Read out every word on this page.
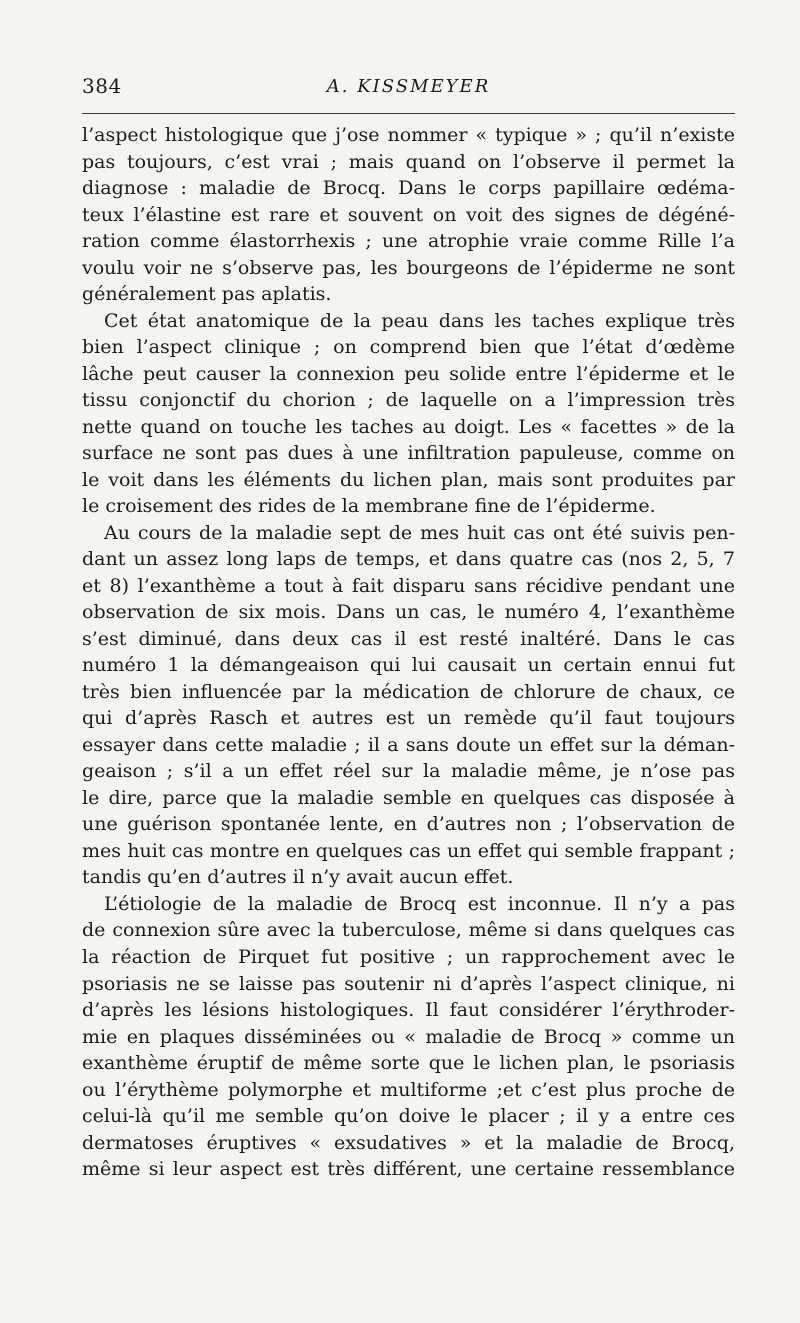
384	A. KISSMEYER
l’aspect histologique que j’ose nommer « typique » ; qu’il n’existe
pas toujours, c’est vrai ; mais quand on l’observe il permet la
diagnose : maladie de Brocq. Dans le corps papillaire œdéma-
teux l’élastine est rare et souvent on voit des signes de dégéné-
ration comme élastorrhexis ; une atrophie vraie comme Rille l’a
voulu voir ne s’observe pas, les bourgeons de l’épiderme ne sont
généralement pas aplatis.
Cet état anatomique de la peau dans les taches explique très
bien l’aspect clinique ; on comprend bien que l’état d’œdème
lâche peut causer la connexion peu solide entre l’épiderme et le
tissu conjonctif du chorion ; de laquelle on a l’impression très
nette quand on touche les taches au doigt. Les « facettes » de la
surface ne sont pas dues à une infiltration papuleuse, comme on
le voit dans les éléments du lichen plan, mais sont produites par
le croisement des rides de la membrane fine de l’épiderme.
Au cours de la maladie sept de mes huit cas ont été suivis pen-
dant un assez long laps de temps, et dans quatre cas (nos 2, 5, 7
et 8) l’exanthème a tout à fait disparu sans récidive pendant une
observation de six mois. Dans un cas, le numéro 4, l’exanthème
s’est diminué, dans deux cas il est resté inaltéré. Dans le cas
numéro 1 la démangeaison qui lui causait un certain ennui fut
très bien influencée par la médication de chlorure de chaux, ce
qui d’après Rasch et autres est un remède qu’il faut toujours
essayer dans cette maladie ; il a sans doute un effet sur la déman-
geaison ; s’il a un effet réel sur la maladie même, je n’ose pas
le dire, parce que la maladie semble en quelques cas disposée à
une guérison spontanée lente, en d’autres non ; l’observation de
mes huit cas montre en quelques cas un effet qui semble frappant ;
tandis qu’en d’autres il n’y avait aucun effet.
L’étiologie de la maladie de Brocq est inconnue. Il n’y a pas
de connexion sûre avec la tuberculose, même si dans quelques cas
la réaction de Pirquet fut positive ; un rapprochement avec le
psoriasis ne se laisse pas soutenir ni d’après l’aspect clinique, ni
d’après les lésions histologiques. Il faut considérer l’érythroder-
mie en plaques disséminées ou « maladie de Brocq » comme un
exanthème éruptif de même sorte que le lichen plan, le psoriasis
ou l’érythème polymorphe et multiforme ;et c’est plus proche de
celui-là qu’il me semble qu’on doive le placer ; il y a entre ces
dermatoses éruptives « exsudatives » et la maladie de Brocq,
même si leur aspect est très différent, une certaine ressemblance
